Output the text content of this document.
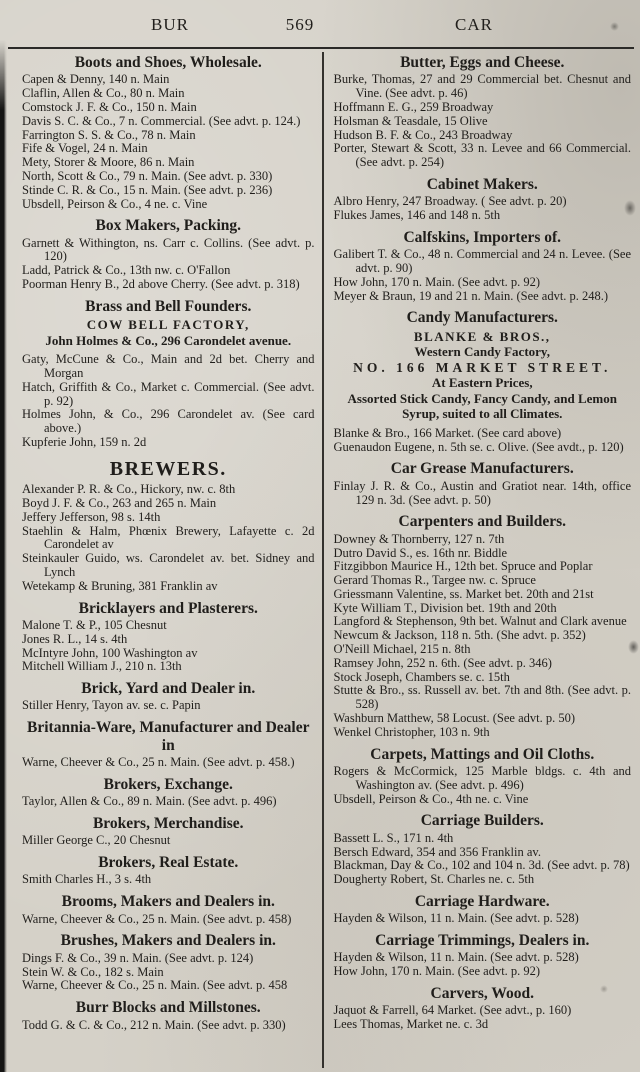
BUR	569	CAR
Boots and Shoes, Wholesale.

Capen & Denny, 140 n. Main

Claflin, Allen & Co., 80 n. Main

Comstock J. F. & Co., 150 n. Main

Davis S. C. & Co., 7 n. Commercial. (See advt. p. 124.)

Farrington S. S. & Co., 78 n. Main

Fife & Vogel, 24 n. Main

Mety, Storer & Moore, 86 n. Main

North, Scott & Co., 79 n. Main. (See advt. p. 330)

Stinde C. R. & Co., 15 n. Main. (See advt. p. 236)

Ubsdell, Peirson & Co., 4 ne. c. Vine

Box Makers, Packing.

Garnett & Withington, ns. Carr c. Collins. (See advt. p. 120)

Ladd, Patrick & Co., 13th nw. c. O'Fallon

Poorman Henry B., 2d above Cherry. (See advt. p. 318)

Brass and Bell Founders.
COW BELL FACTORY,
John Holmes & Co., 296 Carondelet avenue.

Gaty, McCune & Co., Main and 2d bet. Cherry and Morgan

Hatch, Griffith & Co., Market c. Commercial. (See advt. p. 92)

Holmes John, & Co., 296 Carondelet av. (See card above.)

Kupferie John, 159 n. 2d

BREWERS.

Alexander P. R. & Co., Hickory, nw. c. 8th

Boyd J. F. & Co., 263 and 265 n. Main

Jeffery Jefferson, 98 s. 14th

Staehlin & Halm, Phœnix Brewery, Lafayette c. 2d Carondelet av

Steinkauler Guido, ws. Carondelet av. bet. Sidney and Lynch

Wetekamp & Bruning, 381 Franklin av

Bricklayers and Plasterers.

Malone T. & P., 105 Chesnut

Jones R. L., 14 s. 4th

McIntyre John, 100 Washington av

Mitchell William J., 210 n. 13th

Brick, Yard and Dealer in.

Stiller Henry, Tayon av. se. c. Papin

Britannia-Ware, Manufacturer and Dealer in

Warne, Cheever & Co., 25 n. Main. (See advt. p. 458.)

Brokers, Exchange.

Taylor, Allen & Co., 89 n. Main. (See advt. p. 496)

Brokers, Merchandise.

Miller George C., 20 Chesnut

Brokers, Real Estate.

Smith Charles H., 3 s. 4th

Brooms, Makers and Dealers in.

Warne, Cheever & Co., 25 n. Main. (See advt. p. 458)

Brushes, Makers and Dealers in.

Dings F. & Co., 39 n. Main. (See advt. p. 124)

Stein W. & Co., 182 s. Main

Warne, Cheever & Co., 25 n. Main. (See advt. p. 458

Burr Blocks and Millstones.

Todd G. & C. & Co., 212 n. Main. (See advt. p. 330)

Butter, Eggs and Cheese.

Burke, Thomas, 27 and 29 Commercial bet. Chesnut and Vine. (See advt. p. 46)

Hoffmann E. G., 259 Broadway

Holsman & Teasdale, 15 Olive

Hudson B. F. & Co., 243 Broadway

Porter, Stewart & Scott, 33 n. Levee and 66 Commercial. (See advt. p. 254)

Cabinet Makers.

Albro Henry, 247 Broadway. ( See advt. p. 20)

Flukes James, 146 and 148 n. 5th

Calfskins, Importers of.

Galibert T. & Co., 48 n. Commercial and 24 n. Levee. (See advt. p. 90)

How John, 170 n. Main. (See advt. p. 92)

Meyer & Braun, 19 and 21 n. Main. (See advt. p. 248.)

Candy Manufacturers.
BLANKE & BROS.,
Western Candy Factory,
NO. 166 MARKET STREET.
At Eastern Prices,
Assorted Stick Candy, Fancy Candy, and Lemon Syrup, suited to all Climates.

Blanke & Bro., 166 Market. (See card above)

Guenaudon Eugene, n. 5th se. c. Olive. (See avdt., p. 120)

Car Grease Manufacturers.

Finlay J. R. & Co., Austin and Gratiot near. 14th, office 129 n. 3d. (See advt. p. 50)

Carpenters and Builders.

Downey & Thornberry, 127 n. 7th

Dutro David S., es. 16th nr. Biddle

Fitzgibbon Maurice H., 12th bet. Spruce and Poplar

Gerard Thomas R., Targee nw. c. Spruce

Griessmann Valentine, ss. Market bet. 20th and 21st

Kyte William T., Division bet. 19th and 20th

Langford & Stephenson, 9th bet. Walnut and Clark avenue

Newcum & Jackson, 118 n. 5th. (She advt. p. 352)

O'Neill Michael, 215 n. 8th

Ramsey John, 252 n. 6th. (See advt. p. 346)

Stock Joseph, Chambers se. c. 15th

Stutte & Bro., ss. Russell av. bet. 7th and 8th. (See advt. p. 528)

Washburn Matthew, 58 Locust. (See advt. p. 50)

Wenkel Christopher, 103 n. 9th

Carpets, Mattings and Oil Cloths.

Rogers & McCormick, 125 Marble bldgs. c. 4th and Washington av. (See advt. p. 496)

Ubsdell, Peirson & Co., 4th ne. c. Vine

Carriage Builders.

Bassett L. S., 171 n. 4th

Bersch Edward, 354 and 356 Franklin av.

Blackman, Day & Co., 102 and 104 n. 3d. (See advt. p. 78)

Dougherty Robert, St. Charles ne. c. 5th

Carriage Hardware.

Hayden & Wilson, 11 n. Main. (See advt. p. 528)

Carriage Trimmings, Dealers in.

Hayden & Wilson, 11 n. Main. (See advt. p. 528)

How John, 170 n. Main. (See advt. p. 92)

Carvers, Wood.

Jaquot & Farrell, 64 Market. (See advt., p. 160)

Lees Thomas, Market ne. c. 3d
